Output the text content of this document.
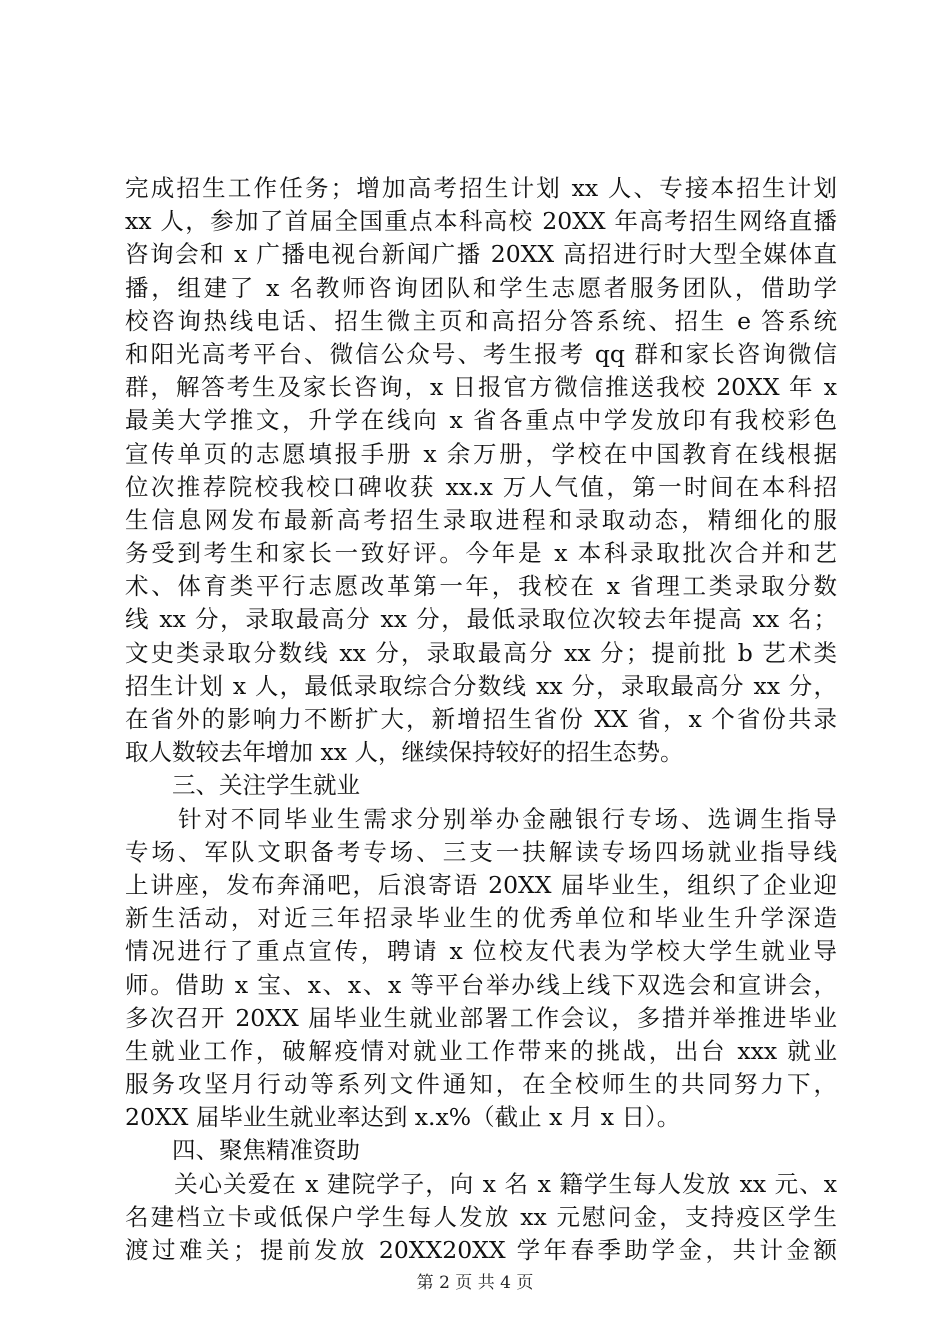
完成招生工作任务；增加高考招生计划 xx 人、专接本招生计划
xx 人，参加了首届全国重点本科高校 20XX 年高考招生网络直播
咨询会和 x 广播电视台新闻广播 20XX 高招进行时大型全媒体直
播，组建了 x 名教师咨询团队和学生志愿者服务团队，借助学
校咨询热线电话、招生微主页和高招分答系统、招生 e 答系统
和阳光高考平台、微信公众号、考生报考 qq 群和家长咨询微信
群，解答考生及家长咨询，x 日报官方微信推送我校 20XX 年 x
最美大学推文，升学在线向 x 省各重点中学发放印有我校彩色
宣传单页的志愿填报手册 x 余万册，学校在中国教育在线根据
位次推荐院校我校口碑收获 xx.x 万人气值，第一时间在本科招
生信息网发布最新高考招生录取进程和录取动态，精细化的服
务受到考生和家长一致好评。今年是 x 本科录取批次合并和艺
术、体育类平行志愿改革第一年，我校在 x 省理工类录取分数
线 xx 分，录取最高分 xx 分，最低录取位次较去年提高 xx 名；
文史类录取分数线 xx 分，录取最高分 xx 分；提前批 b 艺术类
招生计划 x 人，最低录取综合分数线 xx 分，录取最高分 xx 分，
在省外的影响力不断扩大，新增招生省份 XX 省，x 个省份共录
取人数较去年增加 xx 人，继续保持较好的招生态势。
　　三、关注学生就业
　　针对不同毕业生需求分别举办金融银行专场、选调生指导
专场、军队文职备考专场、三支一扶解读专场四场就业指导线
上讲座，发布奔涌吧，后浪寄语 20XX 届毕业生，组织了企业迎
新生活动，对近三年招录毕业生的优秀单位和毕业生升学深造
情况进行了重点宣传，聘请 x 位校友代表为学校大学生就业导
师。借助 x 宝、x、x、x 等平台举办线上线下双选会和宣讲会，
多次召开 20XX 届毕业生就业部署工作会议，多措并举推进毕业
生就业工作，破解疫情对就业工作带来的挑战，出台 xxx 就业
服务攻坚月行动等系列文件通知，在全校师生的共同努力下，
20XX 届毕业生就业率达到 x.x%（截止 x 月 x 日）。
　　四、聚焦精准资助
　　关心关爱在 x 建院学子，向 x 名 x 籍学生每人发放 xx 元、x
名建档立卡或低保户学生每人发放 xx 元慰问金，支持疫区学生
渡过难关；提前发放 20XX20XX 学年春季助学金，共计金额
第 2 页 共 4 页
